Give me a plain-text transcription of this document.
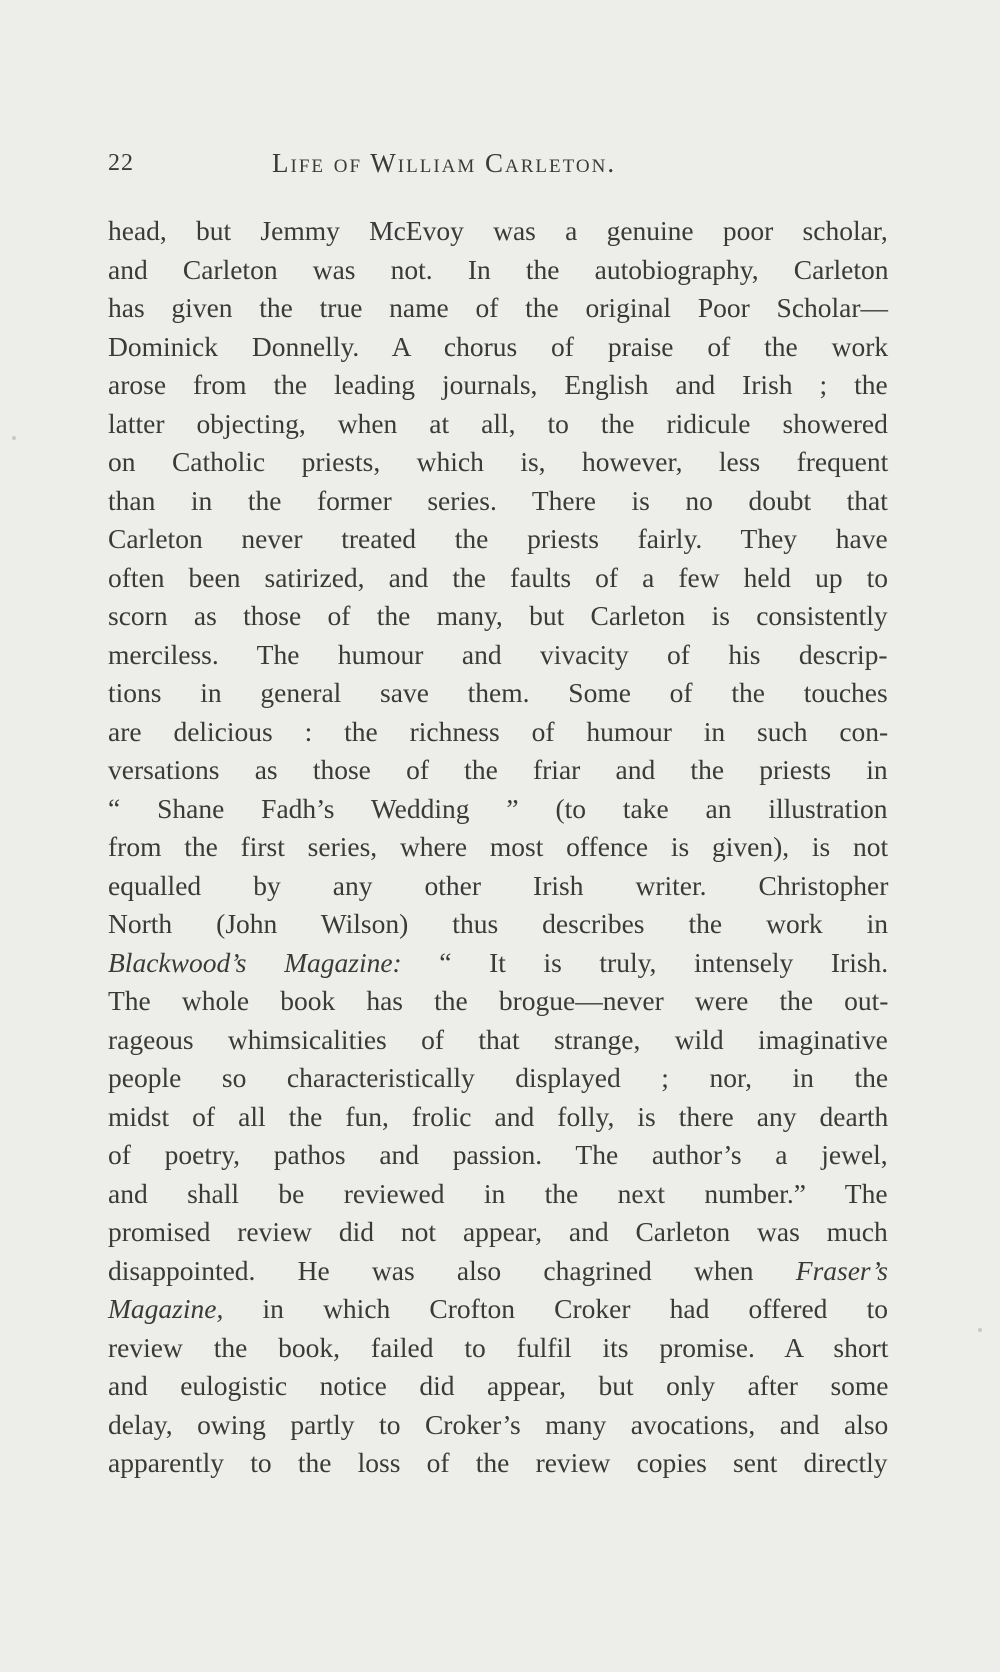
22	Life of William Carleton.
head, but Jemmy McEvoy was a genuine poor scholar,
and Carleton was not. In the autobiography, Carleton
has given the true name of the original Poor Scholar—
Dominick Donnelly. A chorus of praise of the work
arose from the leading journals, English and Irish ; the
latter objecting, when at all, to the ridicule showered
on Catholic priests, which is, however, less frequent
than in the former series. There is no doubt that
Carleton never treated the priests fairly. They have
often been satirized, and the faults of a few held up to
scorn as those of the many, but Carleton is consistently
merciless. The humour and vivacity of his descrip-
tions in general save them. Some of the touches
are delicious : the richness of humour in such con-
versations as those of the friar and the priests in
“ Shane Fadh’s Wedding ” (to take an illustration
from the first series, where most offence is given), is not
equalled by any other Irish writer. Christopher
North (John Wilson) thus describes the work in
Blackwood’s Magazine: “ It is truly, intensely Irish.
The whole book has the brogue—never were the out-
rageous whimsicalities of that strange, wild imaginative
people so characteristically displayed ; nor, in the
midst of all the fun, frolic and folly, is there any dearth
of poetry, pathos and passion. The author’s a jewel,
and shall be reviewed in the next number.” The
promised review did not appear, and Carleton was much
disappointed. He was also chagrined when Fraser’s
Magazine, in which Crofton Croker had offered to
review the book, failed to fulfil its promise. A short
and eulogistic notice did appear, but only after some
delay, owing partly to Croker’s many avocations, and also
apparently to the loss of the review copies sent directly
